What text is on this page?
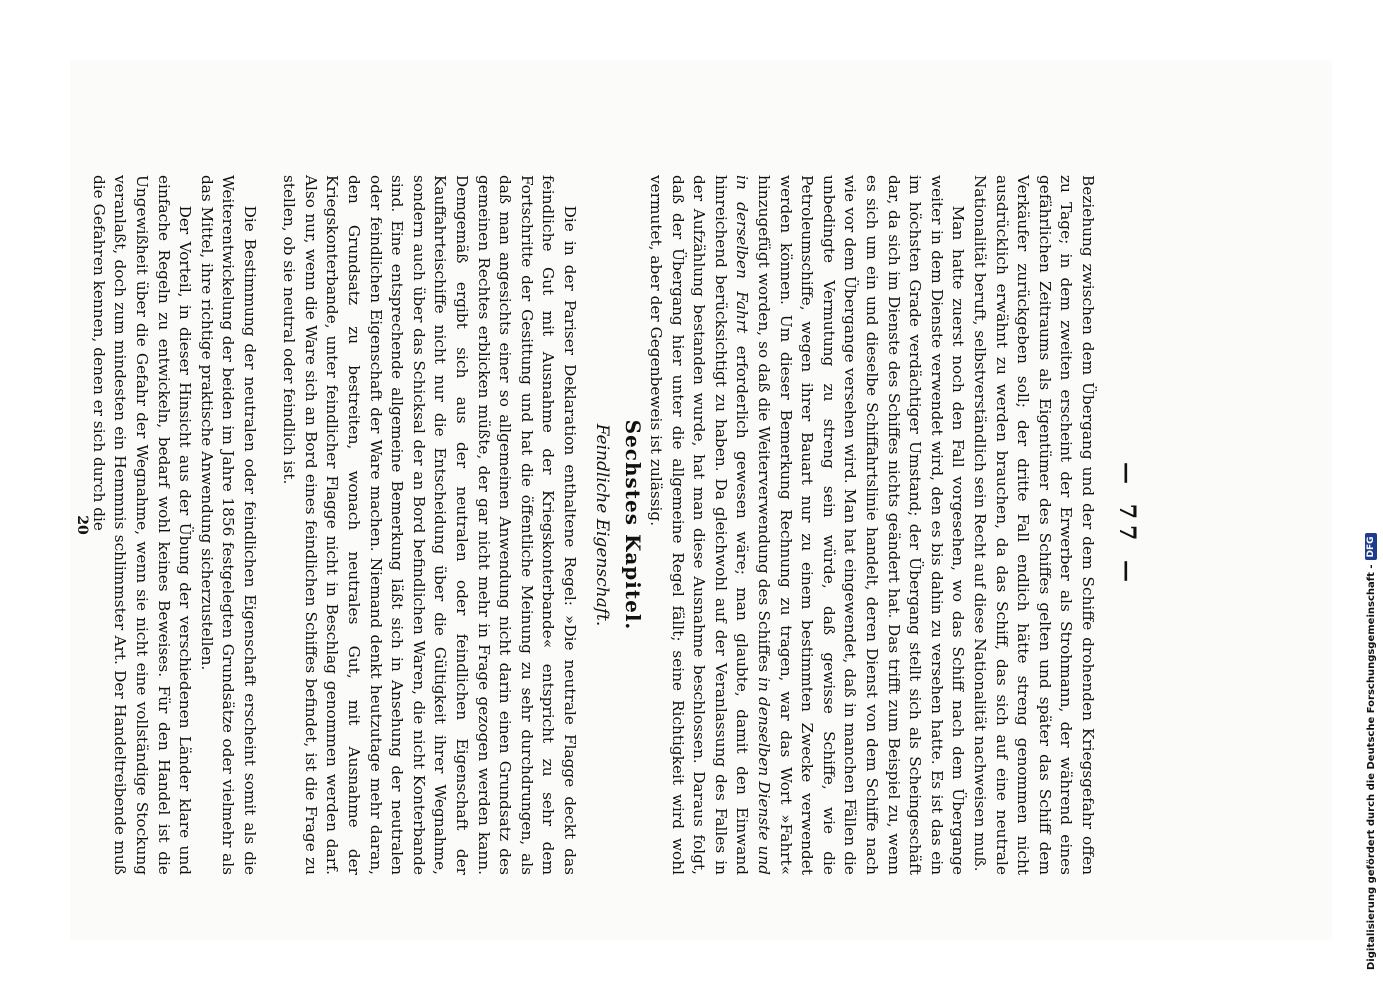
— 77 —

Beziehung zwischen dem Übergang und der dem Schiffe drohenden Kriegsgefahr offen zu Tage; in dem zweiten erscheint der Erwerber als Strohmann, der während eines gefährlichen Zeitraums als Eigentümer des Schiffes gelten und später das Schiff dem Verkäufer zurückgeben soll; der dritte Fall endlich hätte streng genommen nicht ausdrücklich erwähnt zu werden brauchen, da das Schiff, das sich auf eine neutrale Nationalität beruft, selbstverständlich sein Recht auf diese Nationalität nachweisen muß.

Man hatte zuerst noch den Fall vorgesehen, wo das Schiff nach dem Übergange weiter in dem Dienste verwendet wird, den es bis dahin zu versehen hatte. Es ist das ein im höchsten Grade verdächtiger Umstand; der Übergang stellt sich als Scheingeschäft dar, da sich im Dienste des Schiffes nichts geändert hat. Das trifft zum Beispiel zu, wenn es sich um ein und dieselbe Schiffahrtslinie handelt, deren Dienst von dem Schiffe nach wie vor dem Übergange versehen wird. Man hat eingewendet, daß in manchen Fällen die unbedingte Vermutung zu streng sein würde, daß gewisse Schiffe, wie die Petroleumschiffe, wegen ihrer Bauart nur zu einem bestimmten Zwecke verwendet werden können. Um dieser Bemerkung Rechnung zu tragen, war das Wort »Fahrt« hinzugefügt worden, so daß die Weiterverwendung des Schiffes in denselben Dienste und in derselben Fahrt erforderlich gewesen wäre; man glaubte, damit den Einwand hinreichend berücksichtigt zu haben. Da gleichwohl auf der Veranlassung des Falles in der Aufzählung bestanden wurde, hat man diese Ausnahme beschlossen. Daraus folgt, daß der Übergang hier unter die allgemeine Regel fällt; seine Richtigkeit wird wohl vermutet, aber der Gegenbeweis ist zulässig.

Sechstes Kapitel.
Feindliche Eigenschaft.

Die in der Pariser Deklaration enthaltene Regel: »Die neutrale Flagge deckt das feindliche Gut mit Ausnahme der Kriegskonterbande« entspricht zu sehr dem Fortschritte der Gesittung und hat die öffentliche Meinung zu sehr durchdrungen, als daß man angesichts einer so allgemeinen Anwendung nicht darin einen Grundsatz des gemeinen Rechtes erblicken müßte, der gar nicht mehr in Frage gezogen werden kann. Demgemäß ergibt sich aus der neutralen oder feindlichen Eigenschaft der Kauffahrteischiffe nicht nur die Entscheidung über die Gültigkeit ihrer Wegnahme, sondern auch über das Schicksal der an Bord befindlichen Waren, die nicht Konterbande sind. Eine entsprechende allgemeine Bemerkung läßt sich in Ansehung der neutralen oder feindlichen Eigenschaft der Ware machen. Niemand denkt heutzutage mehr daran, den Grundsatz zu bestreiten, wonach neutrales Gut, mit Ausnahme der Kriegskonterbande, unter feindlicher Flagge nicht in Beschlag genommen werden darf. Also nur, wenn die Ware sich an Bord eines feindlichen Schiffes befindet, ist die Frage zu stellen, ob sie neutral oder feindlich ist.

Die Bestimmung der neutralen oder feindlichen Eigenschaft erscheint somit als die Weiterentwickelung der beiden im Jahre 1856 festgelegten Grundsätze oder vielmehr als das Mittel, ihre richtige praktische Anwendung sicherzustellen.

Der Vorteil, in dieser Hinsicht aus der Übung der verschiedenen Länder klare und einfache Regeln zu entwickeln, bedarf wohl keines Beweises. Für den Handel ist die Ungewißheit über die Gefahr der Wegnahme, wenn sie nicht eine vollständige Stockung veranlaßt, doch zum mindesten ein Hemmnis schlimmster Art. Der Handeltreibende muß die Gefahren kennen, denen er sich durch die

20
Digitalisierung gefördert durch die Deutsche Forschungsgemeinschaft -
DFG
